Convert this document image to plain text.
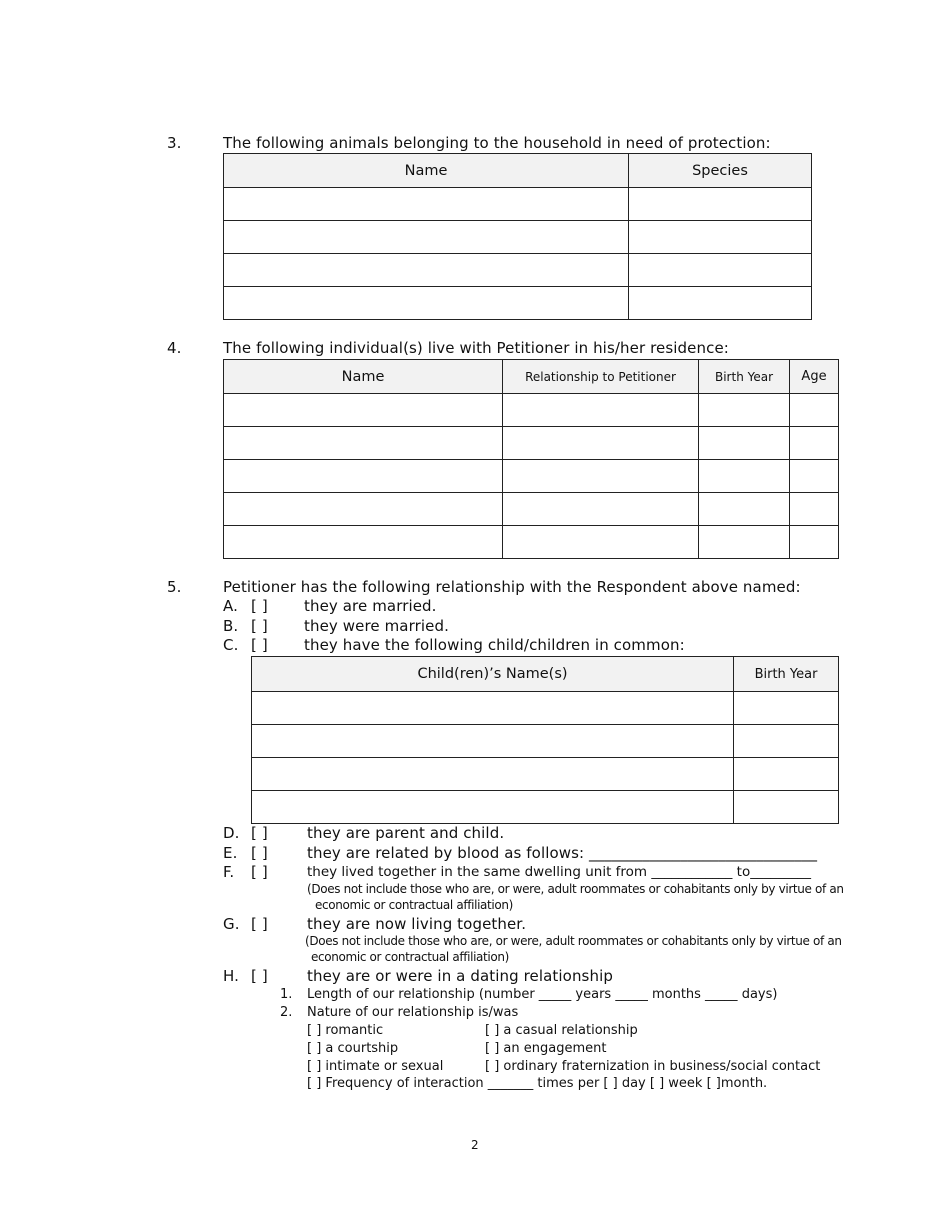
3.	The following animals belonging to the household in need of protection:
Name	Species

4.	The following individual(s) live with Petitioner in his/her residence:
Name	Relationship to Petitioner	Birth Year	Age

5.	Petitioner has the following relationship with the Respondent above named:
A. [ ] they are married.
B. [ ] they were married.
C. [ ] they have the following child/children in common:
Child(ren)’s Name(s)	Birth Year

D. [ ]	they are parent and child.
E. [ ]	they are related by blood as follows: ______________________________
F. [ ]	they lived together in the same dwelling unit from ____________ to_________
(Does not include those who are, or were, adult roommates or cohabitants only by virtue of an
economic or contractual affiliation)
G. [ ]	they are now living together.
(Does not include those who are, or were, adult roommates or cohabitants only by virtue of an
economic or contractual affiliation)
H. [ ]	they are or were in a dating relationship
1. Length of our relationship (number _____ years _____ months _____ days)
2. Nature of our relationship is/was
[ ] romantic	[ ] a casual relationship
[ ] a courtship	[ ] an engagement
[ ] intimate or sexual	[ ] ordinary fraternization in business/social contact
[ ] Frequency of interaction _______ times per [ ] day [ ] week [ ]month.
2
